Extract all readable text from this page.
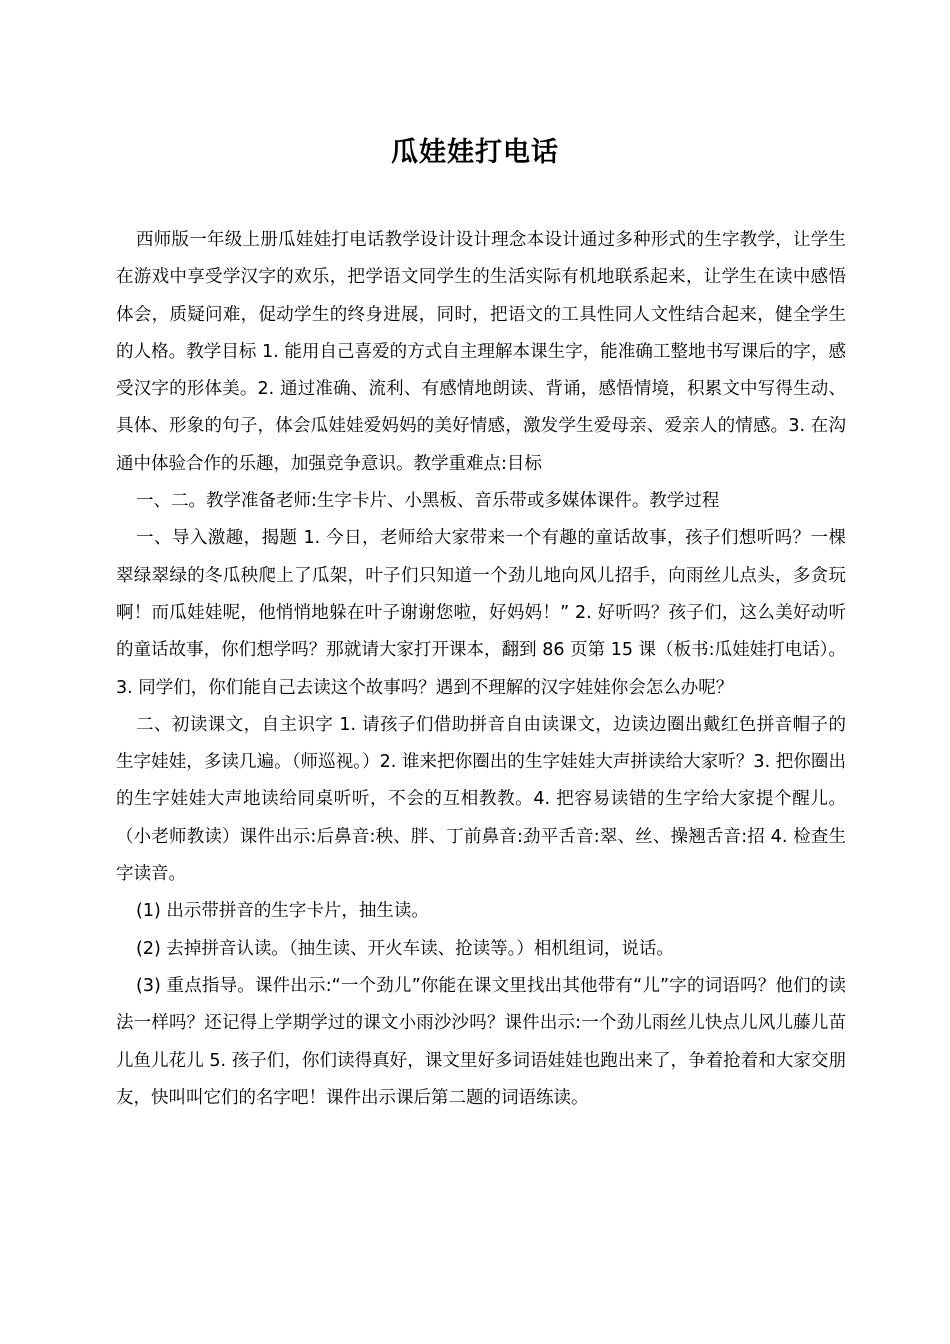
瓜娃娃打电话

西师版一年级上册瓜娃娃打电话教学设计设计理念本设计通过多种形式的生字教学，让学生在游戏中享受学汉字的欢乐，把学语文同学生的生活实际有机地联系起来，让学生在读中感悟体会，质疑问难，促动学生的终身进展，同时，把语文的工具性同人文性结合起来，健全学生的人格。教学目标 1. 能用自己喜爱的方式自主理解本课生字，能准确工整地书写课后的字，感受汉字的形体美。2. 通过准确、流利、有感情地朗读、背诵，感悟情境，积累文中写得生动、具体、形象的句子，体会瓜娃娃爱妈妈的美好情感，激发学生爱母亲、爱亲人的情感。3. 在沟通中体验合作的乐趣，加强竞争意识。教学重难点:目标

一、二。教学准备老师:生字卡片、小黑板、音乐带或多媒体课件。教学过程

一、导入激趣，揭题 1. 今日，老师给大家带来一个有趣的童话故事，孩子们想听吗？一棵翠绿翠绿的冬瓜秧爬上了瓜架，叶子们只知道一个劲儿地向风儿招手，向雨丝儿点头，多贪玩啊！而瓜娃娃呢，他悄悄地躲在叶子谢谢您啦，好妈妈！” 2. 好听吗？孩子们，这么美好动听的童话故事，你们想学吗？那就请大家打开课本，翻到 86 页第 15 课（板书:瓜娃娃打电话）。3. 同学们，你们能自己去读这个故事吗？遇到不理解的汉字娃娃你会怎么办呢？

二、初读课文，自主识字 1. 请孩子们借助拼音自由读课文，边读边圈出戴红色拼音帽子的生字娃娃，多读几遍。（师巡视。）2. 谁来把你圈出的生字娃娃大声拼读给大家听？3. 把你圈出的生字娃娃大声地读给同桌听听，不会的互相教教。4. 把容易读错的生字给大家提个醒儿。（小老师教读）课件出示:后鼻音:秧、胖、丁前鼻音:劲平舌音:翠、丝、操翘舌音:招 4. 检查生字读音。

(1) 出示带拼音的生字卡片，抽生读。

(2) 去掉拼音认读。（抽生读、开火车读、抢读等。）相机组词，说话。

(3) 重点指导。课件出示:“一个劲儿”你能在课文里找出其他带有“儿”字的词语吗？他们的读法一样吗？还记得上学期学过的课文小雨沙沙吗？课件出示:一个劲儿雨丝儿快点儿风儿藤儿苗儿鱼儿花儿 5. 孩子们，你们读得真好，课文里好多词语娃娃也跑出来了，争着抢着和大家交朋友，快叫叫它们的名字吧！课件出示课后第二题的词语练读。
